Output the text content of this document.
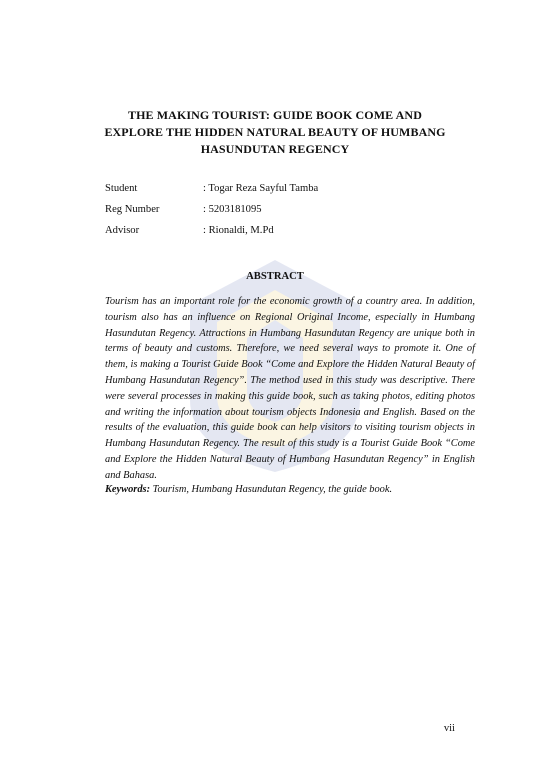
THE MAKING TOURIST: GUIDE BOOK COME AND
EXPLORE THE HIDDEN NATURAL BEAUTY OF HUMBANG
HASUNDUTAN REGENCY
Student	: Togar Reza Sayful Tamba
Reg Number	: 5203181095
Advisor	: Rionaldi, M.Pd
ABSTRACT
Tourism has an important role for the economic growth of a country area. In addition, tourism also has an influence on Regional Original Income, especially in Humbang Hasundutan Regency. Attractions in Humbang Hasundutan Regency are unique both in terms of beauty and customs. Therefore, we need several ways to promote it. One of them, is making a Tourist Guide Book “Come and Explore the Hidden Natural Beauty of Humbang Hasundutan Regency”. The method used in this study was descriptive. There were several processes in making this guide book, such as taking photos, editing photos and writing the information about tourism objects Indonesia and English. Based on the results of the evaluation, this guide book can help visitors to visiting tourism objects in Humbang Hasundutan Regency. The result of this study is a Tourist Guide Book “Come and Explore the Hidden Natural Beauty of Humbang Hasundutan Regency” in English and Bahasa.
Keywords: Tourism, Humbang Hasundutan Regency, the guide book.
vii
